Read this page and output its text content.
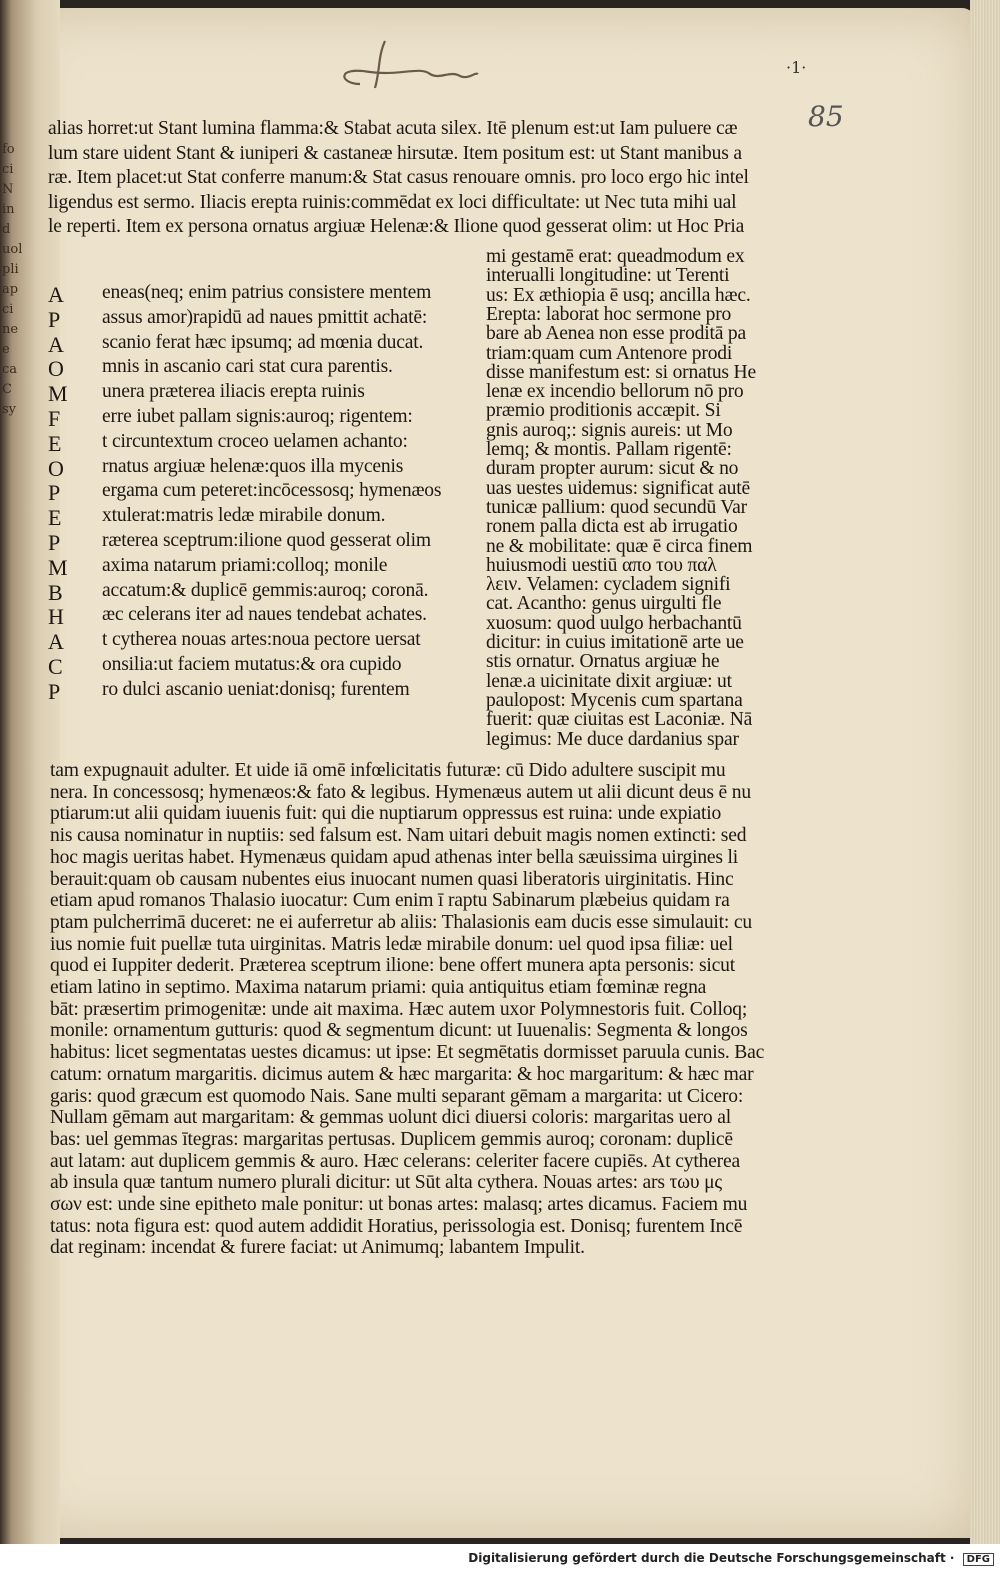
fo
ci
N
in
d
uol
pli
ap
ci
ne
e
ca
C
sy
·1·
85
alias horret:ut Stant lumina flamma:& Stabat acuta silex. Itē plenum est:ut Iam puluere cæ
lum stare uident Stant & iuniperi & castaneæ hirsutæ. Item positum est: ut Stant manibus a
ræ. Item placet:ut Stat conferre manum:& Stat casus renouare omnis. pro loco ergo hic intel
ligendus est sermo. Iliacis erepta ruinis:commēdat ex loci difficultate: ut Nec tuta mihi ual
le reperti. Item ex persona ornatus argiuæ Helenæ:& Ilione quod gesserat olim: ut Hoc Pria
mi gestamē erat: queadmodum ex
interualli longitudine: ut Terenti
us: Ex æthiopia ē usq; ancilla hæc.
Erepta: laborat hoc sermone pro
bare ab Aenea non esse proditā pa
triam:quam cum Antenore prodi
disse manifestum est: si ornatus He
lenæ ex incendio bellorum nō pro
præmio proditionis accæpit. Si
gnis auroq;: signis aureis: ut Mo
lemq; & montis. Pallam rigentē:
duram propter aurum: sicut & no
uas uestes uidemus: significat autē
tunicæ pallium: quod secundū Var
ronem palla dicta est ab irrugatio
ne & mobilitate: quæ ē circa finem
huiusmodi uestiū απο του παλ
λειν. Velamen: cycladem signifi
cat. Acantho: genus uirgulti fle
xuosum: quod uulgo herbachantū
dicitur: in cuius imitationē arte ue
stis ornatur. Ornatus argiuæ he
lenæ.a uicinitate dixit argiuæ: ut
paulopost: Mycenis cum spartana
fuerit: quæ ciuitas est Laconiæ. Nā
legimus: Me duce dardanius spar
A	eneas(neq; enim patrius consistere mentem
P	assus amor)rapidū ad naues pmittit achatē:
A	scanio ferat hæc ipsumq; ad mœnia ducat.
O	mnis in ascanio cari stat cura parentis.
M	unera præterea iliacis erepta ruinis
F	erre iubet pallam signis:auroq; rigentem:
E	t circuntextum croceo uelamen achanto:
O	rnatus argiuæ helenæ:quos illa mycenis
P	ergama cum peteret:incōcessosq; hymenæos
E	xtulerat:matris ledæ mirabile donum.
P	ræterea sceptrum:ilione quod gesserat olim
M	axima natarum priami:colloq; monile
B	accatum:& duplicē gemmis:auroq; coronā.
H	æc celerans iter ad naues tendebat achates.
A	t cytherea nouas artes:noua pectore uersat
C	onsilia:ut faciem mutatus:& ora cupido
P	ro dulci ascanio ueniat:donisq; furentem
tam expugnauit adulter. Et uide iā omē infœlicitatis futuræ: cū Dido adultere suscipit mu
nera. In concessosq; hymenæos:& fato & legibus. Hymenæus autem ut alii dicunt deus ē nu
ptiarum:ut alii quidam iuuenis fuit: qui die nuptiarum oppressus est ruina: unde expiatio
nis causa nominatur in nuptiis: sed falsum est. Nam uitari debuit magis nomen extincti: sed
hoc magis ueritas habet. Hymenæus quidam apud athenas inter bella sæuissima uirgines li
berauit:quam ob causam nubentes eius inuocant numen quasi liberatoris uirginitatis. Hinc
etiam apud romanos Thalasio iuocatur: Cum enim ī raptu Sabinarum plæbeius quidam ra
ptam pulcherrimā duceret: ne ei auferretur ab aliis: Thalasionis eam ducis esse simulauit: cu
ius nomie fuit puellæ tuta uirginitas. Matris ledæ mirabile donum: uel quod ipsa filiæ: uel
quod ei Iuppiter dederit. Præterea sceptrum ilione: bene offert munera apta personis: sicut
etiam latino in septimo. Maxima natarum priami: quia antiquitus etiam fœminæ regna
bāt: præsertim primogenitæ: unde ait maxima. Hæc autem uxor Polymnestoris fuit. Colloq;
monile: ornamentum gutturis: quod & segmentum dicunt: ut Iuuenalis: Segmenta & longos
habitus: licet segmentatas uestes dicamus: ut ipse: Et segmētatis dormisset paruula cunis. Bac
catum: ornatum margaritis. dicimus autem & hæc margarita: & hoc margaritum: & hæc mar
garis: quod græcum est quomodo Nais. Sane multi separant gēmam a margarita: ut Cicero:
Nullam gēmam aut margaritam: & gemmas uolunt dici diuersi coloris: margaritas uero al
bas: uel gemmas ītegras: margaritas pertusas. Duplicem gemmis auroq; coronam: duplicē
aut latam: aut duplicem gemmis & auro. Hæc celerans: celeriter facere cupiēs. At cytherea
ab insula quæ tantum numero plurali dicitur: ut Sūt alta cythera. Nouas artes: ars τωυ μς
σων est: unde sine epitheto male ponitur: ut bonas artes: malasq; artes dicamus. Faciem mu
tatus: nota figura est: quod autem addidit Horatius, perissologia est. Donisq; furentem Incē
dat reginam: incendat & furere faciat: ut Animumq; labantem Impulit.
Digitalisierung gefördert durch die Deutsche Forschungsgemeinschaft · DFG
